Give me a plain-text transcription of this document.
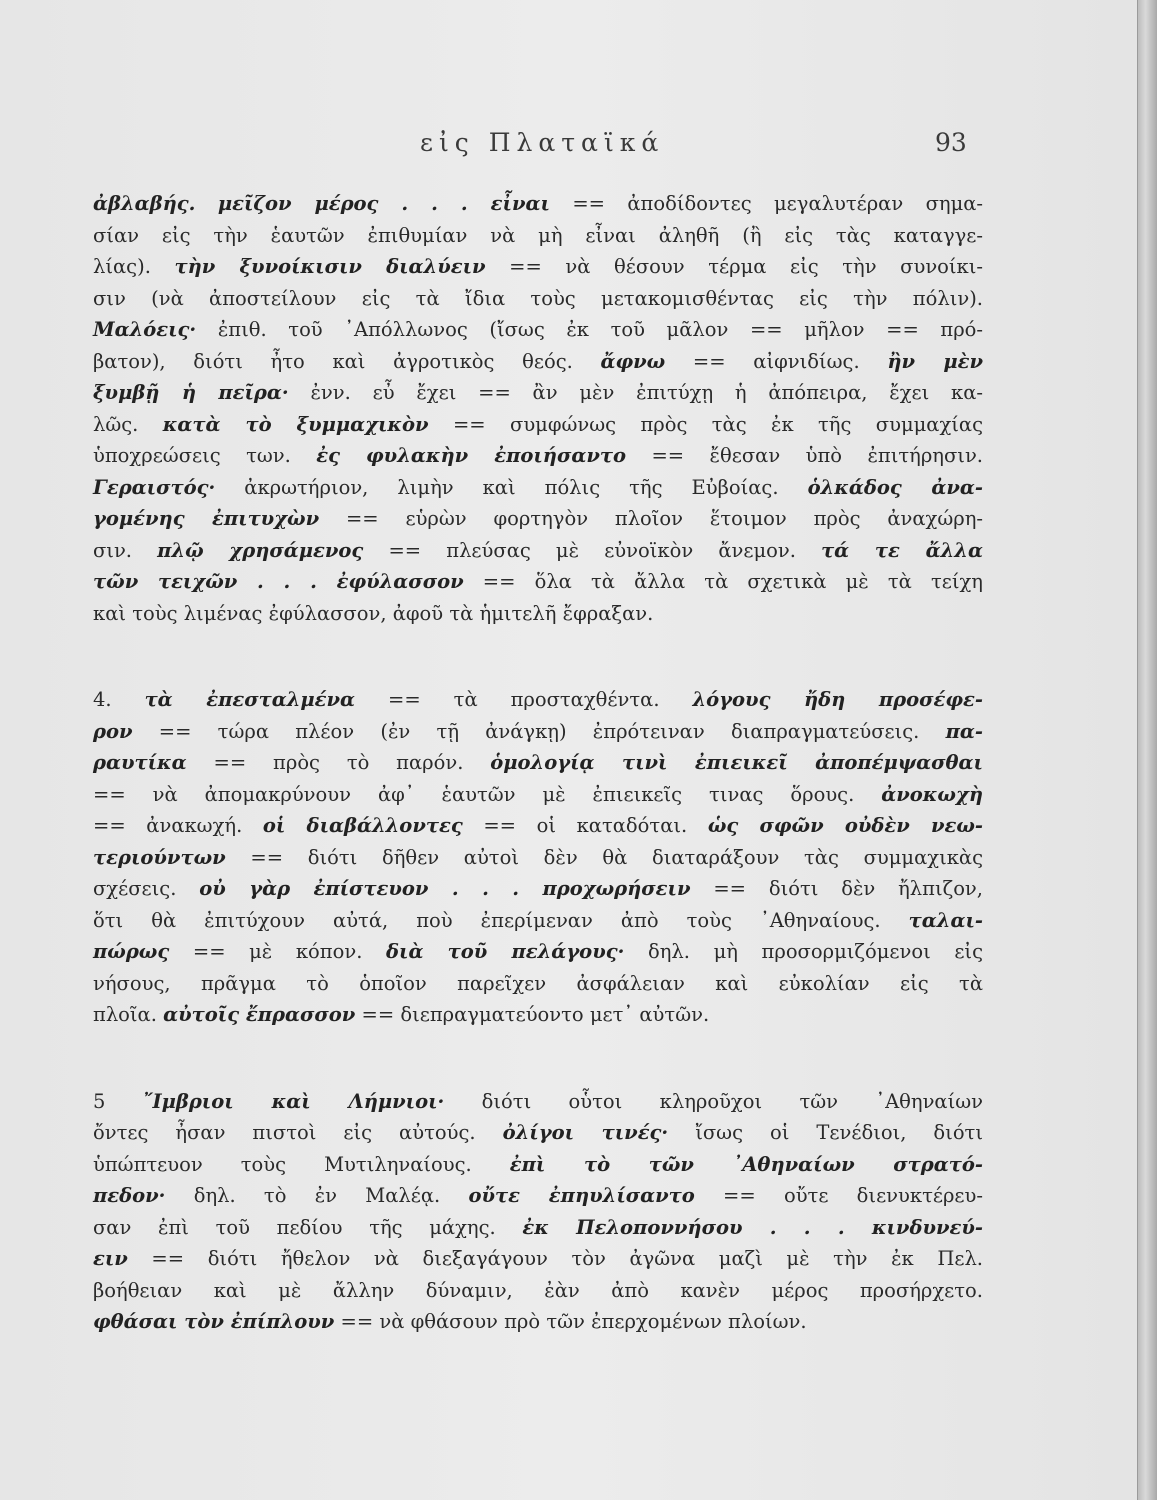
εἰς Πλαταϊκά	93
ἀβλαβής. μεῖζον μέρος . . . εἶναι == ἀποδίδοντες μεγαλυτέραν σημα-
σίαν εἰς τὴν ἑαυτῶν ἐπιθυμίαν νὰ μὴ εἶναι ἀληθῆ (ἢ εἰς τὰς καταγγε-
λίας). τὴν ξυνοίκισιν διαλύειν == νὰ θέσουν τέρμα εἰς τὴν συνοίκι-
σιν (νὰ ἀποστείλουν εἰς τὰ ἴδια τοὺς μετακομισθέντας εἰς τὴν πόλιν).
Μαλόεις· ἐπιθ. τοῦ ᾿Απόλλωνος (ἴσως ἐκ τοῦ μᾶλον == μῆλον == πρό-
βατον), διότι ἦτο καὶ ἀγροτικὸς θεός. ἄφνω == αἰφνιδίως. ἢν μὲν
ξυμβῇ ἡ πεῖρα· ἐνν. εὖ ἔχει == ἂν μὲν ἐπιτύχῃ ἡ ἀπόπειρα, ἔχει κα-
λῶς. κατὰ τὸ ξυμμαχικὸν == συμφώνως πρὸς τὰς ἐκ τῆς συμμαχίας
ὑποχρεώσεις των. ἐς φυλακὴν ἐποιήσαντο == ἔθεσαν ὑπὸ ἐπιτήρησιν.
Γεραιστός· ἀκρωτήριον, λιμὴν καὶ πόλις τῆς Εὐβοίας. ὁλκάδος ἀνα-
γομένης ἐπιτυχὼν == εὑρὼν φορτηγὸν πλοῖον ἕτοιμον πρὸς ἀναχώρη-
σιν. πλῷ χρησάμενος == πλεύσας μὲ εὐνοϊκὸν ἄνεμον. τά τε ἄλλα
τῶν τειχῶν . . . ἐφύλασσον == ὅλα τὰ ἄλλα τὰ σχετικὰ μὲ τὰ τείχη
καὶ τοὺς λιμένας ἐφύλασσον, ἀφοῦ τὰ ἡμιτελῆ ἔφραξαν.
4. τὰ ἐπεσταλμένα == τὰ προσταχθέντα. λόγους ἤδη προσέφε-
ρον == τώρα πλέον (ἐν τῇ ἀνάγκῃ) ἐπρότειναν διαπραγματεύσεις. πα-
ραυτίκα == πρὸς τὸ παρόν. ὁμολογίᾳ τινὶ ἐπιεικεῖ ἀποπέμψασθαι
== νὰ ἀπομακρύνουν ἀφ᾿ ἑαυτῶν μὲ ἐπιεικεῖς τινας ὅρους. ἀνοκωχὴ
== ἀνακωχή. οἱ διαβάλλοντες == οἱ καταδόται. ὡς σφῶν οὐδὲν νεω-
τεριούντων == διότι δῆθεν αὐτοὶ δὲν θὰ διαταράξουν τὰς συμμαχικὰς
σχέσεις. οὐ γὰρ ἐπίστευον . . . προχωρήσειν == διότι δὲν ἤλπιζον,
ὅτι θὰ ἐπιτύχουν αὐτά, ποὺ ἐπερίμεναν ἀπὸ τοὺς ᾿Αθηναίους. ταλαι-
πώρως == μὲ κόπον. διὰ τοῦ πελάγους· δηλ. μὴ προσορμιζόμενοι εἰς
νήσους, πρᾶγμα τὸ ὁποῖον παρεῖχεν ἀσφάλειαν καὶ εὐκολίαν εἰς τὰ
πλοῖα. αὐτοῖς ἔπρασσον == διεπραγματεύοντο μετ᾿ αὐτῶν.
5 ῎Ιμβριοι καὶ Λήμνιοι· διότι οὗτοι κληροῦχοι τῶν ᾿Αθηναίων
ὄντες ἦσαν πιστοὶ εἰς αὐτούς. ὀλίγοι τινές· ἴσως οἱ Τενέδιοι, διότι
ὑπώπτευον τοὺς Μυτιληναίους. ἐπὶ τὸ τῶν ᾿Αθηναίων στρατό-
πεδον· δηλ. τὸ ἐν Μαλέᾳ. οὔτε ἐπηυλίσαντο == οὔτε διενυκτέρευ-
σαν ἐπὶ τοῦ πεδίου τῆς μάχης. ἐκ Πελοποννήσου . . . κινδυνεύ-
ειν == διότι ἤθελον νὰ διεξαγάγουν τὸν ἀγῶνα μαζὶ μὲ τὴν ἐκ Πελ.
βοήθειαν καὶ μὲ ἄλλην δύναμιν, ἐὰν ἀπὸ κανὲν μέρος προσήρχετο.
φθάσαι τὸν ἐπίπλουν == νὰ φθάσουν πρὸ τῶν ἐπερχομένων πλοίων.
